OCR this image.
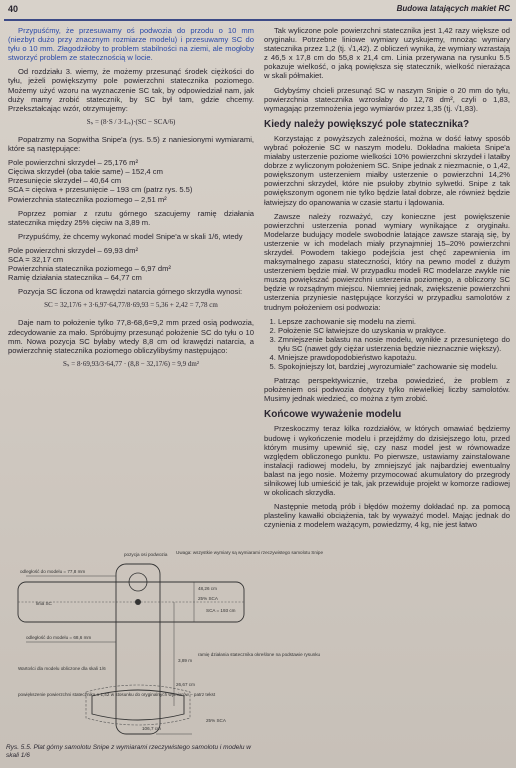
40	Budowa latających makiet RC

Przypuśćmy, że przesuwamy oś podwozia do przodu o 10 mm (niezbyt dużo przy znacznym rozmiarze modelu) i przesuwamy SC do tyłu o 10 mm. Złagodziłoby to problem stabilności na ziemi, ale mogłoby stworzyć problem ze statecznością w locie.

Od rozdziału 3. wiemy, że możemy przesunąć środek ciężkości do tyłu, jeżeli powiększymy pole powierzchni statecznika poziomego. Możemy użyć wzoru na wyznaczenie SC tak, by odpowiedział nam, jak duży mamy zrobić statecznik, by SC był tam, gdzie chcemy. Przekształcając wzór, otrzymujemy:

Sₛ = (8·S / 3·Lₛ)·(SC − SCA/6)

Popatrzmy na Sopwitha Snipe'a (rys. 5.5) z naniesionymi wymiarami, które są następujące:

Pole powierzchni skrzydeł – 25,176 m²
Cięciwa skrzydeł (oba takie same) – 152,4 cm
Przesunięcie skrzydeł – 40,64 cm
SCA = cięciwa + przesunięcie – 193 cm (patrz rys. 5.5)
Powierzchnia statecznika poziomego – 2,51 m²

Poprzez pomiar z rzutu górnego szacujemy ramię działania statecznika między 25% cięciw na 3,89 m.

Przypuśćmy, że chcemy wykonać model Snipe'a w skali 1/6, wtedy

Pole powierzchni skrzydeł – 69,93 dm²
SCA = 32,17 cm
Powierzchnia statecznika poziomego – 6,97 dm²
Ramię działania statecznika – 64,77 cm

Pozycja SC liczona od krawędzi natarcia górnego skrzydła wynosi:

SC = 32,17/6 + 3·6,97·64,77/8·69,93 = 5,36 + 2,42 = 7,78 cm

Daje nam to położenie tylko 77,8-68,6=9,2 mm przed osią podwozia, zdecydowanie za mało. Spróbujmy przesunąć położenie SC do tyłu o 10 mm. Nowa pozycja SC byłaby wtedy 8,8 cm od krawędzi natarcia, a powierzchnię statecznika poziomego obliczylibyśmy następująco:

Sₛ = 8·69,93/3·64,77 · (8,8 − 32,17/6) = 9,9 dm²
odległość do modelu = 77,8 mm
pozycja osi podwozia Uwaga: wszystkie wymiary są wymiarami rzeczywistego samolotu Snipe
linia SC
48,26 cm
25% SCA
SCA = 193 cm
odległość do modelu = 68,6 mm
ramię działania statecznika określone na podstawie rysunku
3,89 m
Wartości dla modelu obliczone dla skali 1/6
powiększenie powierzchni statecznika o 1,42 w stosunku do oryginalnych wymiarów – patrz tekst
26,67 cm
106,7 cm
25% SCA
Rys. 5.5. Plat górny samolotu Snipe z wymiarami rzeczywistego samolotu i modelu w skali 1/6

Tak wyliczone pole powierzchni statecznika jest 1,42 razy większe od oryginału. Potrzebne liniowe wymiary uzyskujemy, mnożąc wymiary statecznika przez 1,2 (tj. √1,42). Z obliczeń wynika, że wymiary wzrastają z 46,5 x 17,8 cm do 55,8 x 21,4 cm. Linia przerywana na rysunku 5.5 pokazuje wielkość, o jaką powiększa się statecznik, wielkość nierażąca w skali półmakiet.

Gdybyśmy chcieli przesunąć SC w naszym Snipie o 20 mm do tyłu, powierzchnia statecznika wzrosłaby do 12,78 dm², czyli o 1,83, wymagając przemnożenia jego wymiarów przez 1,35 (tj. √1,83).

Kiedy należy powiększyć pole statecznika?

Korzystając z powyższych zależności, można w dość łatwy sposób wybrać położenie SC w naszym modelu. Dokładna makieta Snipe'a miałaby usterzenie poziome wielkości 10% powierzchni skrzydeł i latałby dobrze z wyliczonym położeniem SC. Snipe jednak z niezmacnie, o 1,42, powiększonym usterzeniem miałby usterzenie o powierzchni 14,2% powierzchni skrzydeł, które nie psułoby zbytnio sylwetki. Snipe z tak powiększonym ogonem nie tylko będzie latał dobrze, ale również będzie łatwiejszy do opanowania w czasie startu i lądowania.

Zawsze należy rozważyć, czy konieczne jest powiększenie powierzchni usterzenia ponad wymiary wynikające z oryginału. Modelarze budujący modele swobodnie latające zawsze starają się, by usterzenie w ich modelach miały przynajmniej 15–20% powierzchni skrzydeł. Powodem takiego podejścia jest chęć zapewnienia im maksymalnego zapasu stateczności, który na pewno model z dużym usterzeniem będzie miał. W przypadku modeli RC modelarze zwykle nie muszą powiększać powierzchni usterzenia poziomego, a obliczony SC będzie w rozsądnym miejscu. Niemniej jednak, zwiększenie powierzchni usterzenia przyniesie następujące korzyści w przypadku samolotów z trudnym położeniem osi podwozia:

1. Lepsze zachowanie się modelu na ziemi.
2. Położenie SC łatwiejsze do uzyskania w praktyce.
3. Zmniejszenie balastu na nosie modelu, wynikłe z przesuniętego do tyłu SC (nawet gdy ciężar usterzenia będzie nieznacznie większy).
4. Mniejsze prawdopodobieństwo kapotażu.
5. Spokojniejszy lot, bardziej „wyrozumiałe” zachowanie się modelu.

Patrząc perspektywicznie, trzeba powiedzieć, że problem z położeniem osi podwozia dotyczy tylko niewielkiej liczby samolotów. Musimy jednak wiedzieć, co można z tym zrobić.

Końcowe wyważenie modelu

Przeskoczmy teraz kilka rozdziałów, w których omawiać będziemy budowę i wykończenie modelu i przejdźmy do dzisiejszego lotu, przed którym musimy upewnić się, czy nasz model jest w równowadze względem obliczonego punktu. Po pierwsze, ustawiamy zainstalowane instalacji radiowej modelu, by zmniejszyć jak najbardziej ewentualny balast na jego nosie. Możemy przymocować akumulatory do przegrody silnikowej lub umieścić je tak, jak przewiduje projekt w komorze radiowej w okolicach skrzydła.

Następnie metodą prób i błędów możemy dokładać np. za pomocą plasteliny kawałki obciążenia, tak by wyważyć model. Mając jednak do czynienia z modelem ważącym, powiedzmy, 4 kg, nie jest łatwo
